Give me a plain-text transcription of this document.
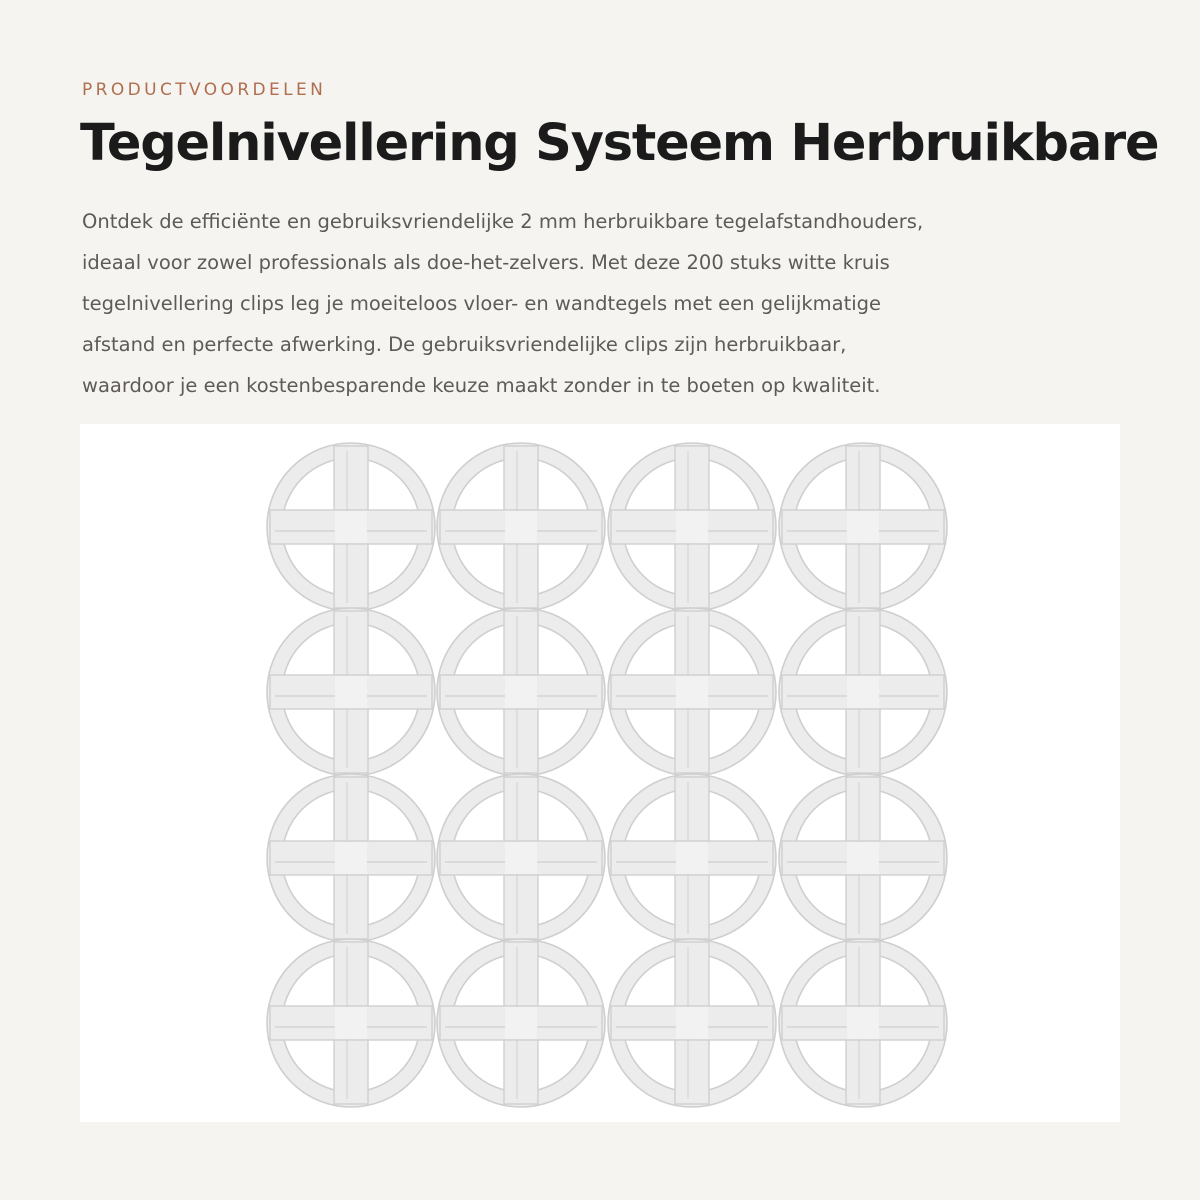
PRODUCTVOORDELEN
Tegelnivellering Systeem Herbruikbare

Ontdek de efficiënte en gebruiksvriendelijke 2 mm herbruikbare tegelafstandhouders,
ideaal voor zowel professionals als doe-het-zelvers. Met deze 200 stuks witte kruis
tegelnivellering clips leg je moeiteloos vloer- en wandtegels met een gelijkmatige
afstand en perfecte afwerking. De gebruiksvriendelijke clips zijn herbruikbaar,
waardoor je een kostenbesparende keuze maakt zonder in te boeten op kwaliteit.
